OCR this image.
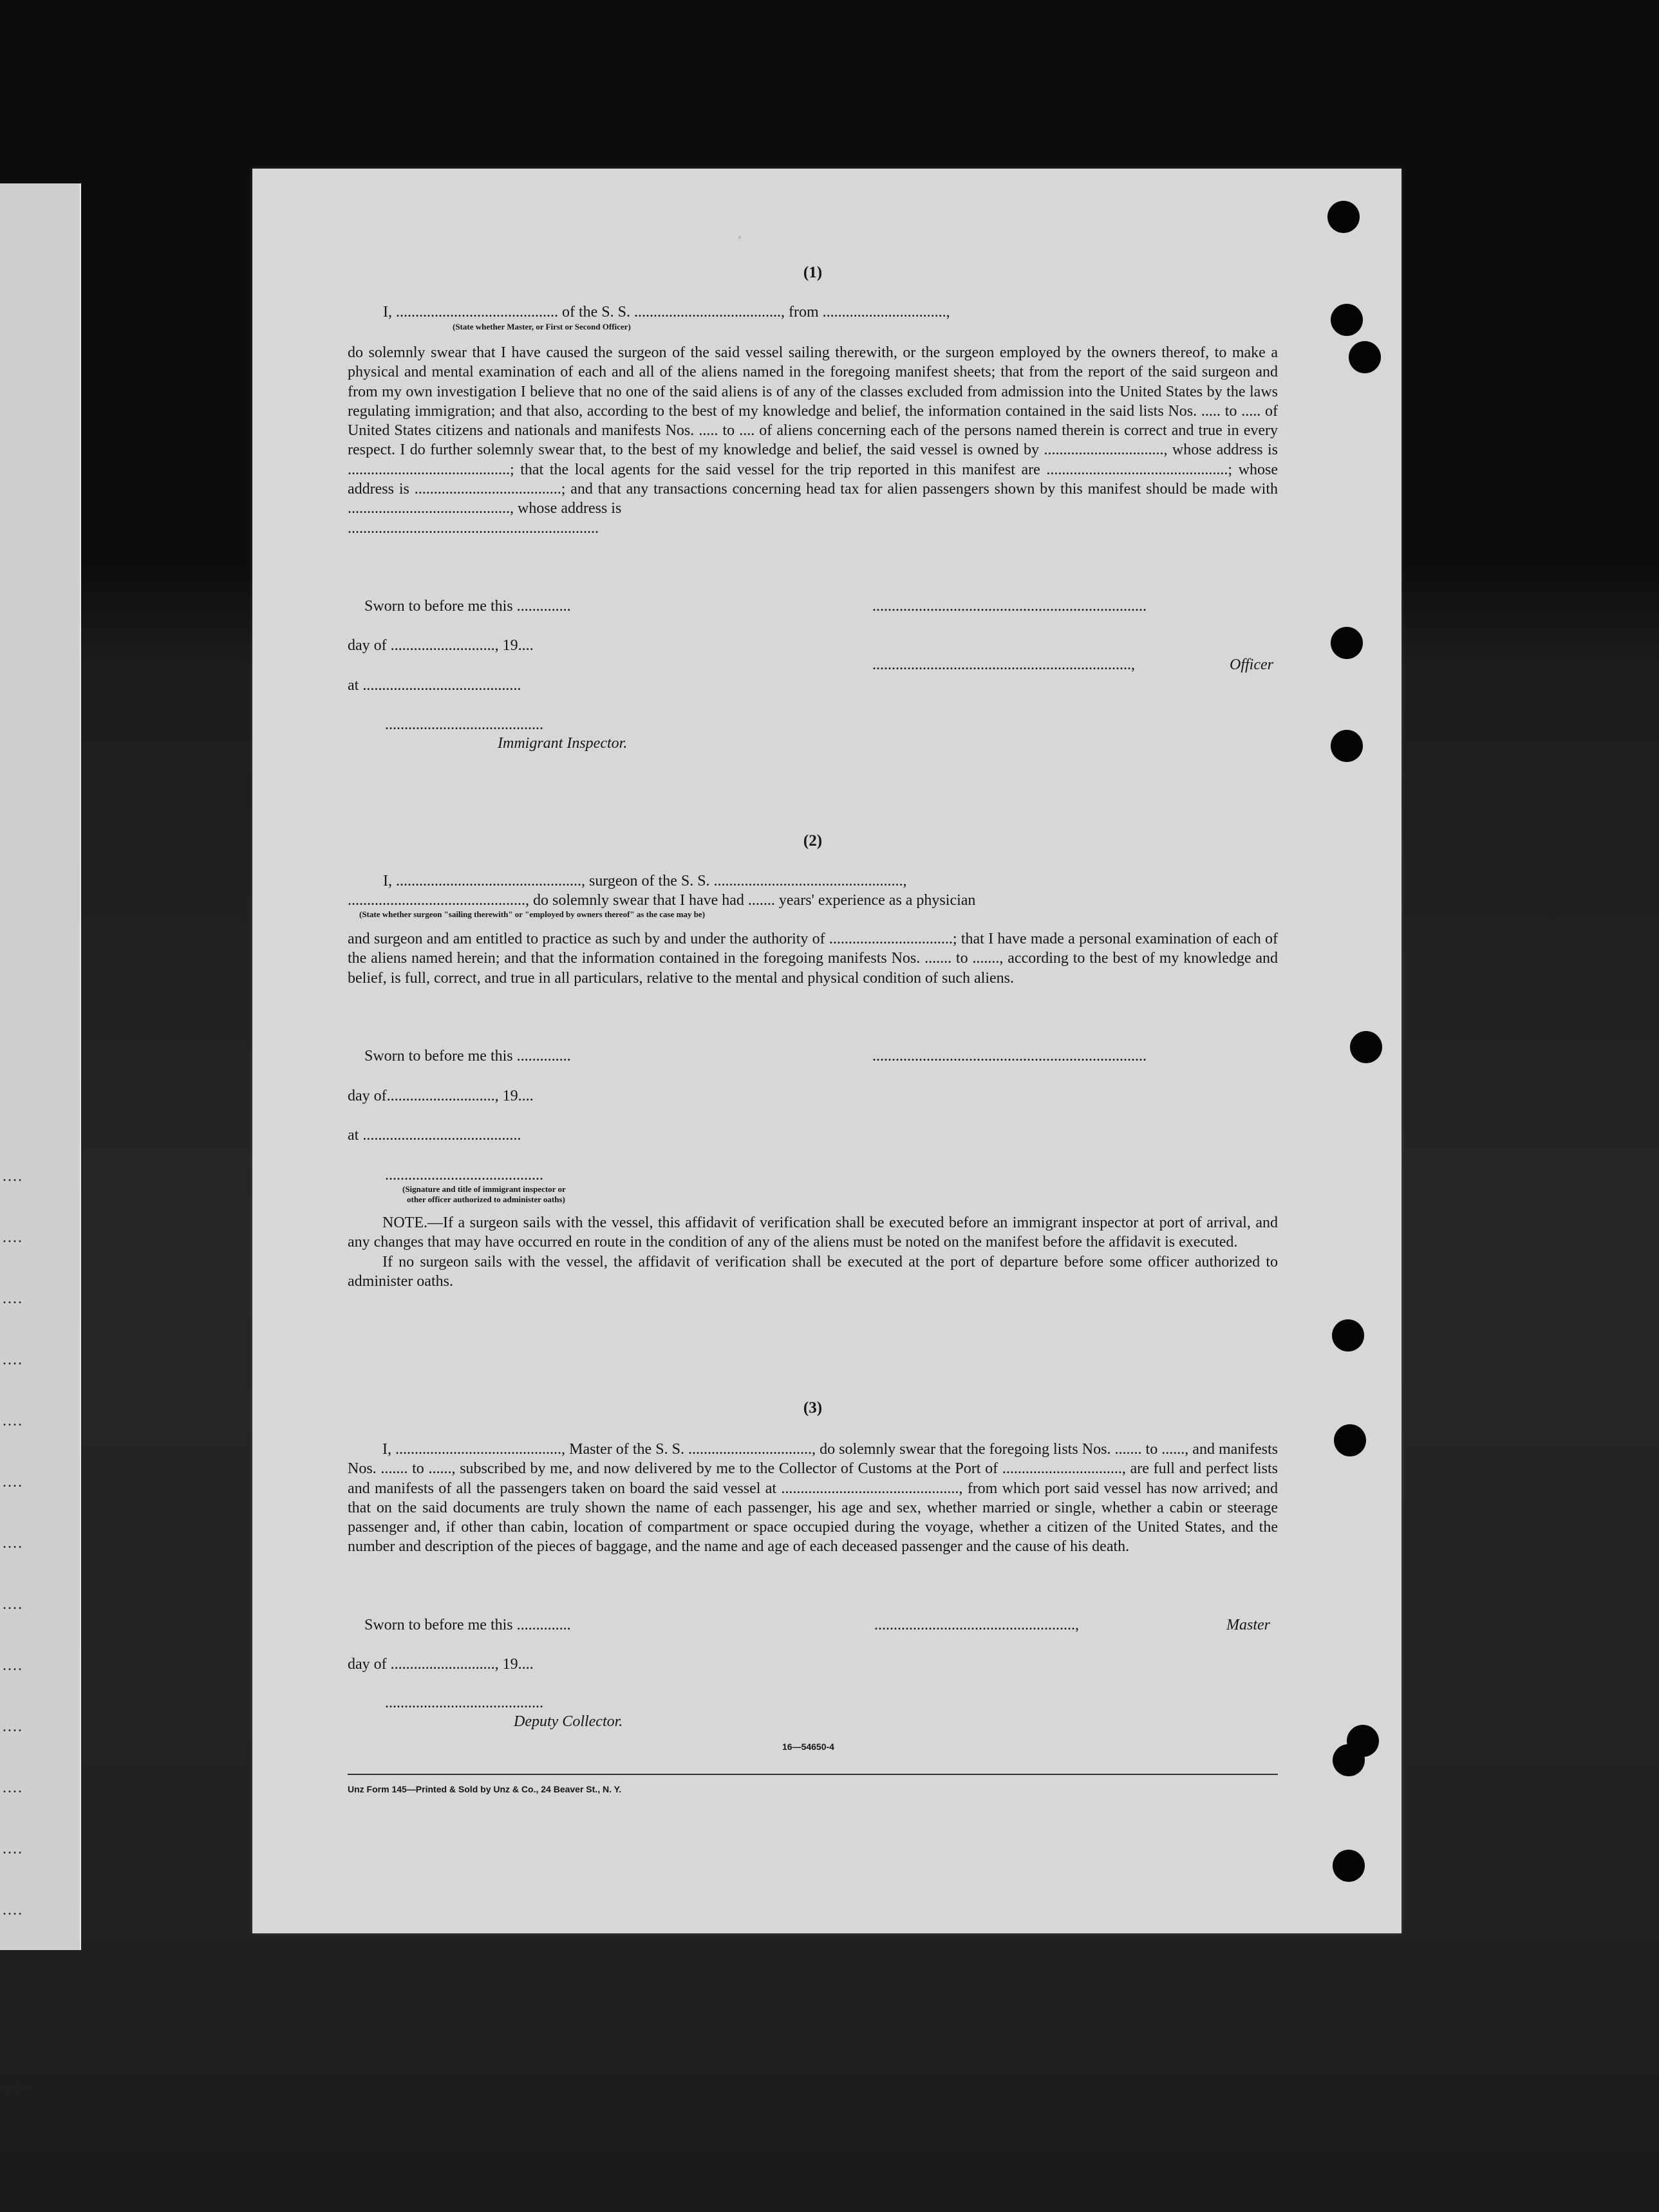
....
....
....
....
....
....
....
....
....
....
....
....
....
....
....
650-4

.
(1)
I, .......................................... of the S. S. ......................................, from ................................,
(State whether Master, or First or Second Officer)

do solemnly swear that I have caused the surgeon of the said vessel sailing therewith, or the surgeon employed by the owners thereof, to make a physical and mental examination of each and all of the aliens named in the foregoing manifest sheets; that from the report of the said surgeon and from my own investigation I believe that no one of the said aliens is of any of the classes excluded from admission into the United States by the laws regulating immigration; and that also, according to the best of my knowledge and belief, the information contained in the said lists Nos. ..... to ..... of United States citizens and nationals and manifests Nos. ..... to .... of aliens concerning each of the persons named therein is correct and true in every respect. I do further solemnly swear that, to the best of my knowledge and belief, the said vessel is owned by ..............................., whose address is ..........................................; that the local agents for the said vessel for the trip reported in this manifest are ...............................................; whose address is ......................................; and that any transactions concerning head tax for alien passengers shown by this manifest should be made with .........................................., whose address is

.................................................................
Sworn to before me this ..............
day of ..........................., 19....
at .........................................
.........................................
Immigrant Inspector.
.......................................................................
...................................................................,	Officer
(2)
I, ................................................, surgeon of the S. S. .................................................,
.............................................., do solemnly swear that I have had ....... years' experience as a physician
(State whether surgeon "sailing therewith" or "employed by owners thereof" as the case may be)

and surgeon and am entitled to practice as such by and under the authority of ................................; that I have made a personal examination of each of the aliens named herein; and that the information contained in the foregoing manifests Nos. ....... to ......., according to the best of my knowledge and belief, is full, correct, and true in all particulars, relative to the mental and physical condition of such aliens.

Sworn to before me this ..............
day of............................, 19....
at .........................................
.........................................
(Signature and title of immigrant inspector or
other officer authorized to administer oaths)
.......................................................................

NOTE.—If a surgeon sails with the vessel, this affidavit of verification shall be executed before an immigrant inspector at port of arrival, and any changes that may have occurred en route in the condition of any of the aliens must be noted on the manifest before the affidavit is executed.

If no surgeon sails with the vessel, the affidavit of verification shall be executed at the port of departure before some officer authorized to administer oaths.

(3)

I, ..........................................., Master of the S. S. ................................, do solemnly swear that the foregoing lists Nos. ....... to ......, and manifests Nos. ....... to ......, subscribed by me, and now delivered by me to the Collector of Customs at the Port of ..............................., are full and perfect lists and manifests of all the passengers taken on board the said vessel at .............................................., from which port said vessel has now arrived; and that on the said documents are truly shown the name of each passenger, his age and sex, whether married or single, whether a cabin or steerage passenger and, if other than cabin, location of compartment or space occupied during the voyage, whether a citizen of the United States, and the number and description of the pieces of baggage, and the name and age of each deceased passenger and the cause of his death.

Sworn to before me this ..............
day of ..........................., 19....
.........................................
Deputy Collector.
....................................................,	Master
16—54650-4
Unz Form 145—Printed & Sold by Unz & Co., 24 Beaver St., N. Y.
